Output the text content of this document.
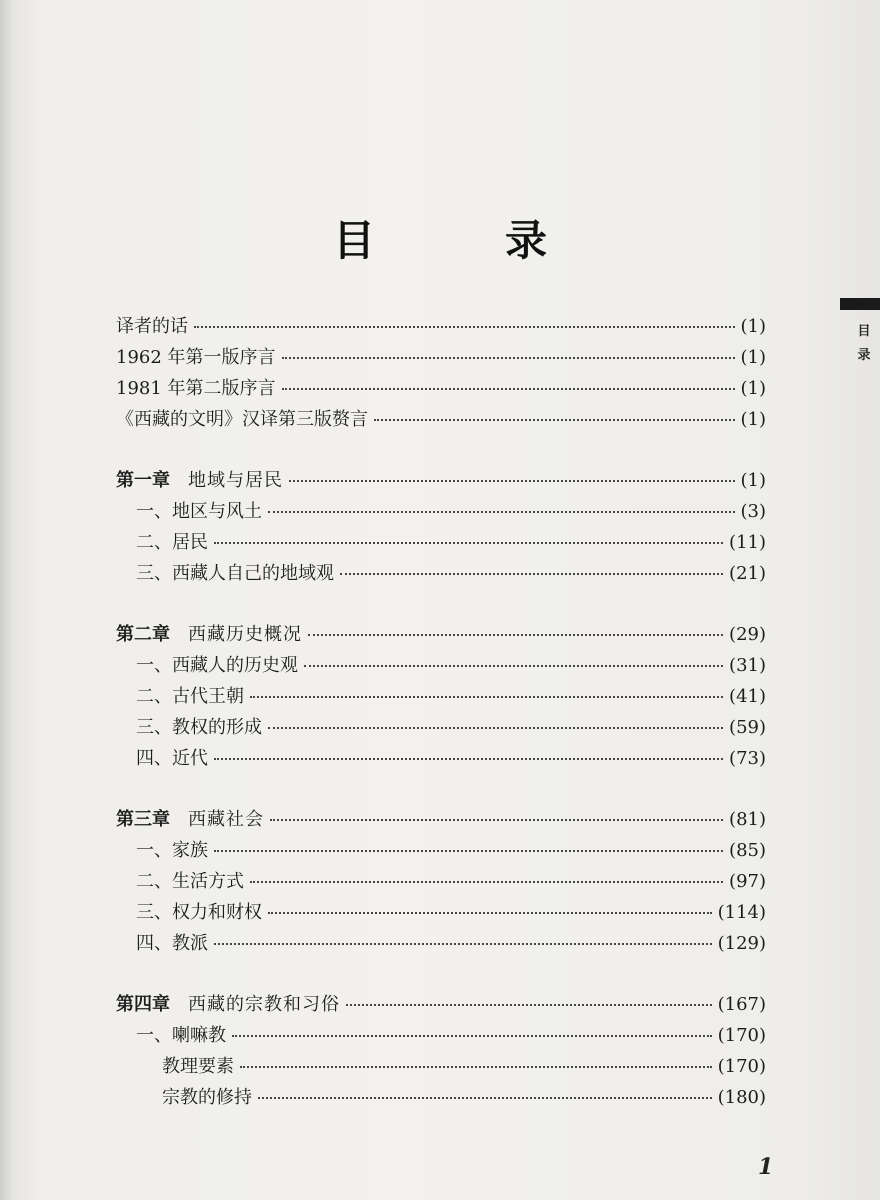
目　录
目
录
译者的话	(1)
1962 年第一版序言	(1)
1981 年第二版序言	(1)
《西藏的文明》汉译第三版赘言	(1)
第一章 地域与居民	(1)
一、地区与风土	(3)
二、居民	(11)
三、西藏人自己的地域观	(21)
第二章 西藏历史概况	(29)
一、西藏人的历史观	(31)
二、古代王朝	(41)
三、教权的形成	(59)
四、近代	(73)
第三章 西藏社会	(81)
一、家族	(85)
二、生活方式	(97)
三、权力和财权	(114)
四、教派	(129)
第四章 西藏的宗教和习俗	(167)
一、喇嘛教	(170)
教理要素	(170)
宗教的修持	(180)
1
